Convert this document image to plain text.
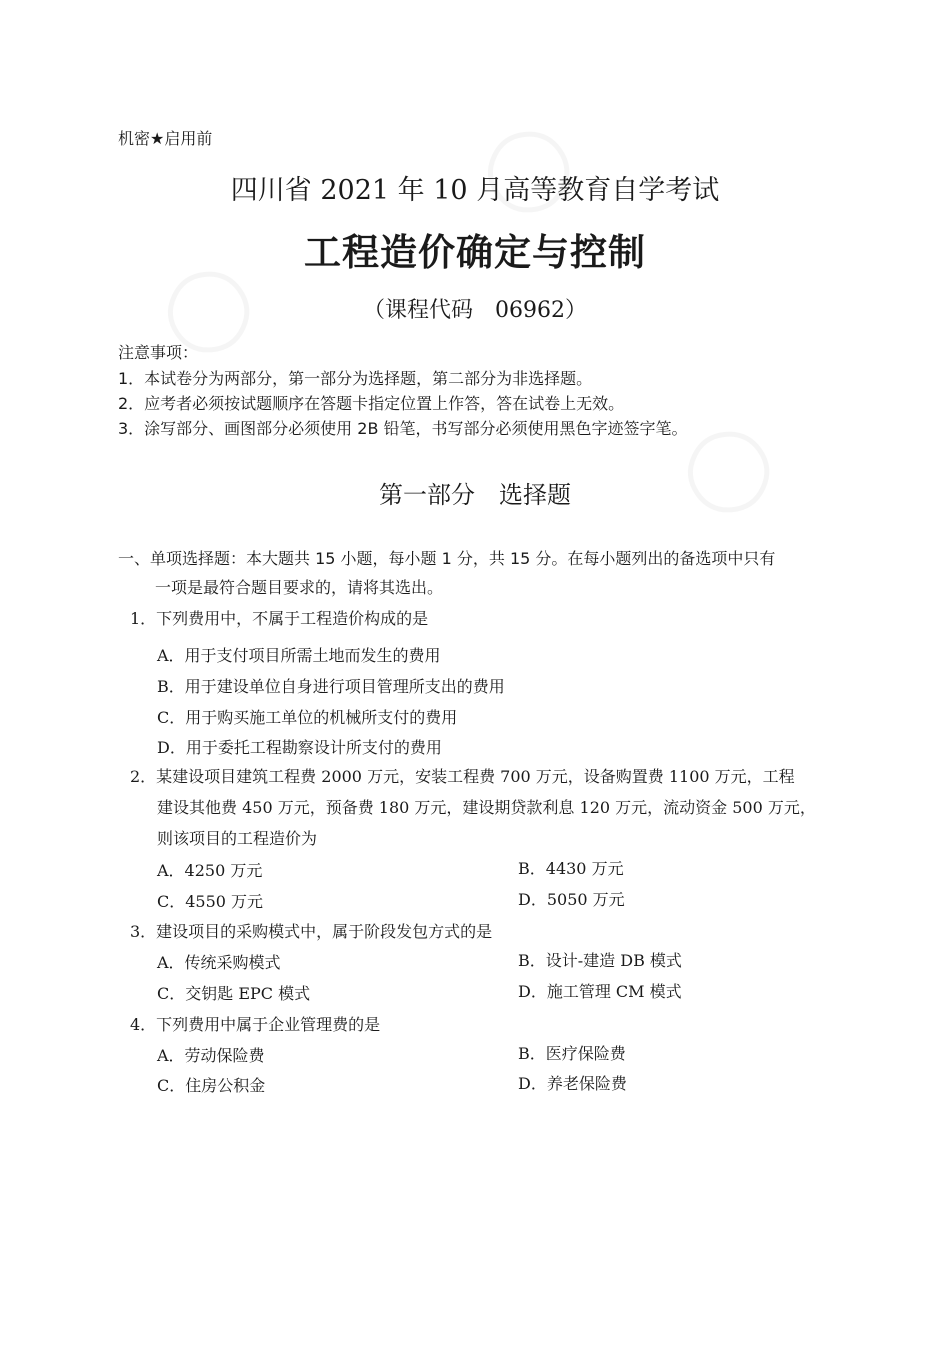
机密★启用前
四川省 2021 年 10 月高等教育自学考试
工程造价确定与控制
（课程代码　06962）
注意事项：
1．本试卷分为两部分，第一部分为选择题，第二部分为非选择题。
2．应考者必须按试题顺序在答题卡指定位置上作答，答在试卷上无效。
3．涂写部分、画图部分必须使用 2B 铅笔，书写部分必须使用黑色字迹签字笔。
第一部分　选择题
一、单项选择题：本大题共 15 小题，每小题 1 分，共 15 分。在每小题列出的备选项中只有
一项是最符合题目要求的，请将其选出。
1．下列费用中，不属于工程造价构成的是
A．用于支付项目所需土地而发生的费用
B．用于建设单位自身进行项目管理所支出的费用
C．用于购买施工单位的机械所支付的费用
D．用于委托工程勘察设计所支付的费用
2．某建设项目建筑工程费 2000 万元，安装工程费 700 万元，设备购置费 1100 万元，工程
建设其他费 450 万元，预备费 180 万元，建设期贷款利息 120 万元，流动资金 500 万元，
则该项目的工程造价为
A．4250 万元	B．4430 万元
C．4550 万元	D．5050 万元
3．建设项目的采购模式中，属于阶段发包方式的是
A．传统采购模式	B．设计-建造 DB 模式
C．交钥匙 EPC 模式	D．施工管理 CM 模式
4．下列费用中属于企业管理费的是
A．劳动保险费	B．医疗保险费
C．住房公积金	D．养老保险费
